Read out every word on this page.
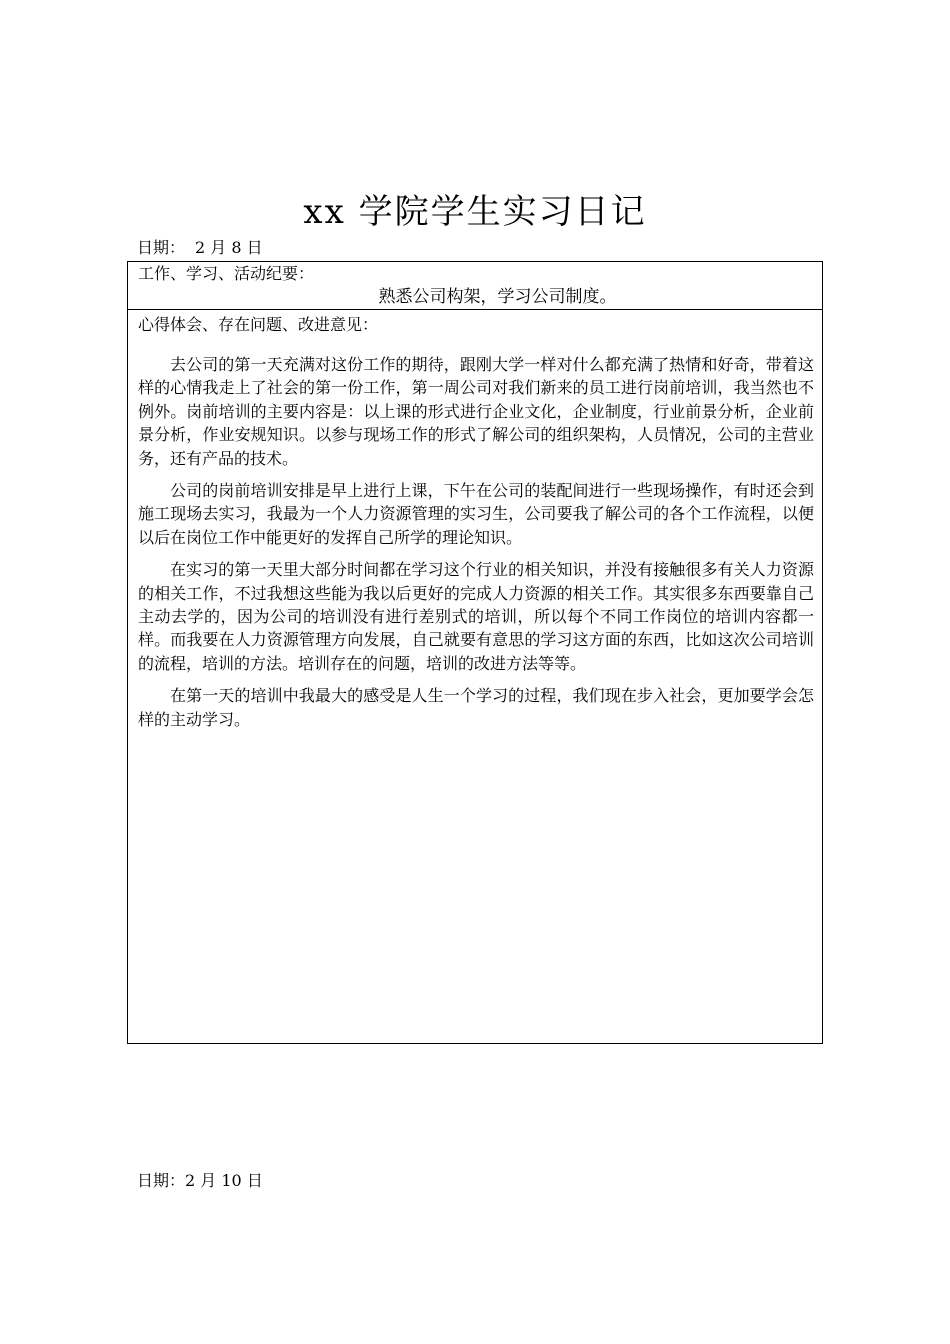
xx 学院学生实习日记
日期： 2 月 8 日
工作、学习、活动纪要：
熟悉公司构架，学习公司制度。
心得体会、存在问题、改进意见：

去公司的第一天充满对这份工作的期待，跟刚大学一样对什么都充满了热情和好奇，带着这样的心情我走上了社会的第一份工作，第一周公司对我们新来的员工进行岗前培训，我当然也不例外。岗前培训的主要内容是：以上课的形式进行企业文化，企业制度，行业前景分析，企业前景分析，作业安规知识。以参与现场工作的形式了解公司的组织架构，人员情况，公司的主营业务，还有产品的技术。

公司的岗前培训安排是早上进行上课，下午在公司的装配间进行一些现场操作，有时还会到施工现场去实习，我最为一个人力资源管理的实习生，公司要我了解公司的各个工作流程，以便以后在岗位工作中能更好的发挥自己所学的理论知识。

在实习的第一天里大部分时间都在学习这个行业的相关知识，并没有接触很多有关人力资源的相关工作，不过我想这些能为我以后更好的完成人力资源的相关工作。其实很多东西要靠自己主动去学的，因为公司的培训没有进行差别式的培训，所以每个不同工作岗位的培训内容都一样。而我要在人力资源管理方向发展，自己就要有意思的学习这方面的东西，比如这次公司培训的流程，培训的方法。培训存在的问题，培训的改进方法等等。

在第一天的培训中我最大的感受是人生一个学习的过程，我们现在步入社会，更加要学会怎样的主动学习。

日期：2 月 10 日
